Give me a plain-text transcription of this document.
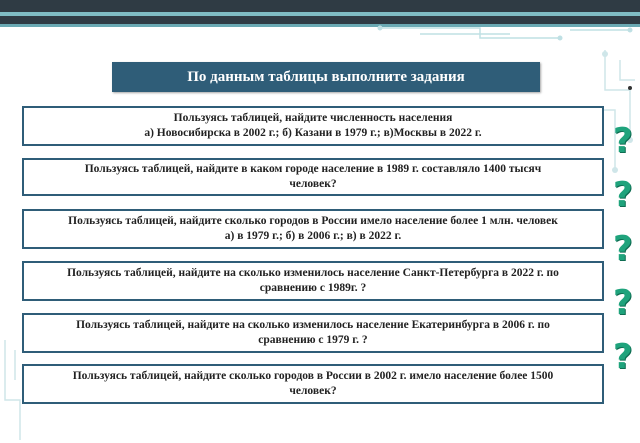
По данным таблицы выполните задания
Пользуясь таблицей, найдите численность населения
а) Новосибирска в 2002 г.; б) Казани в 1979 г.; в)Москвы в 2022 г.
Пользуясь таблицей, найдите в каком городе население в 1989 г. составляло 1400 тысяч
человек?
Пользуясь таблицей, найдите сколько городов в России имело население более 1 млн. человек
а) в 1979 г.; б) в 2006 г.; в) в 2022 г.
Пользуясь таблицей, найдите на сколько изменилось население Санкт-Петербурга в 2022 г. по
сравнению с 1989г. ?
Пользуясь таблицей, найдите на сколько изменилось население Екатеринбурга в 2006 г. по
сравнению с 1979 г. ?
Пользуясь таблицей, найдите сколько городов в России в 2002 г. имело население более 1500
человек?
?
?
?
?
?
